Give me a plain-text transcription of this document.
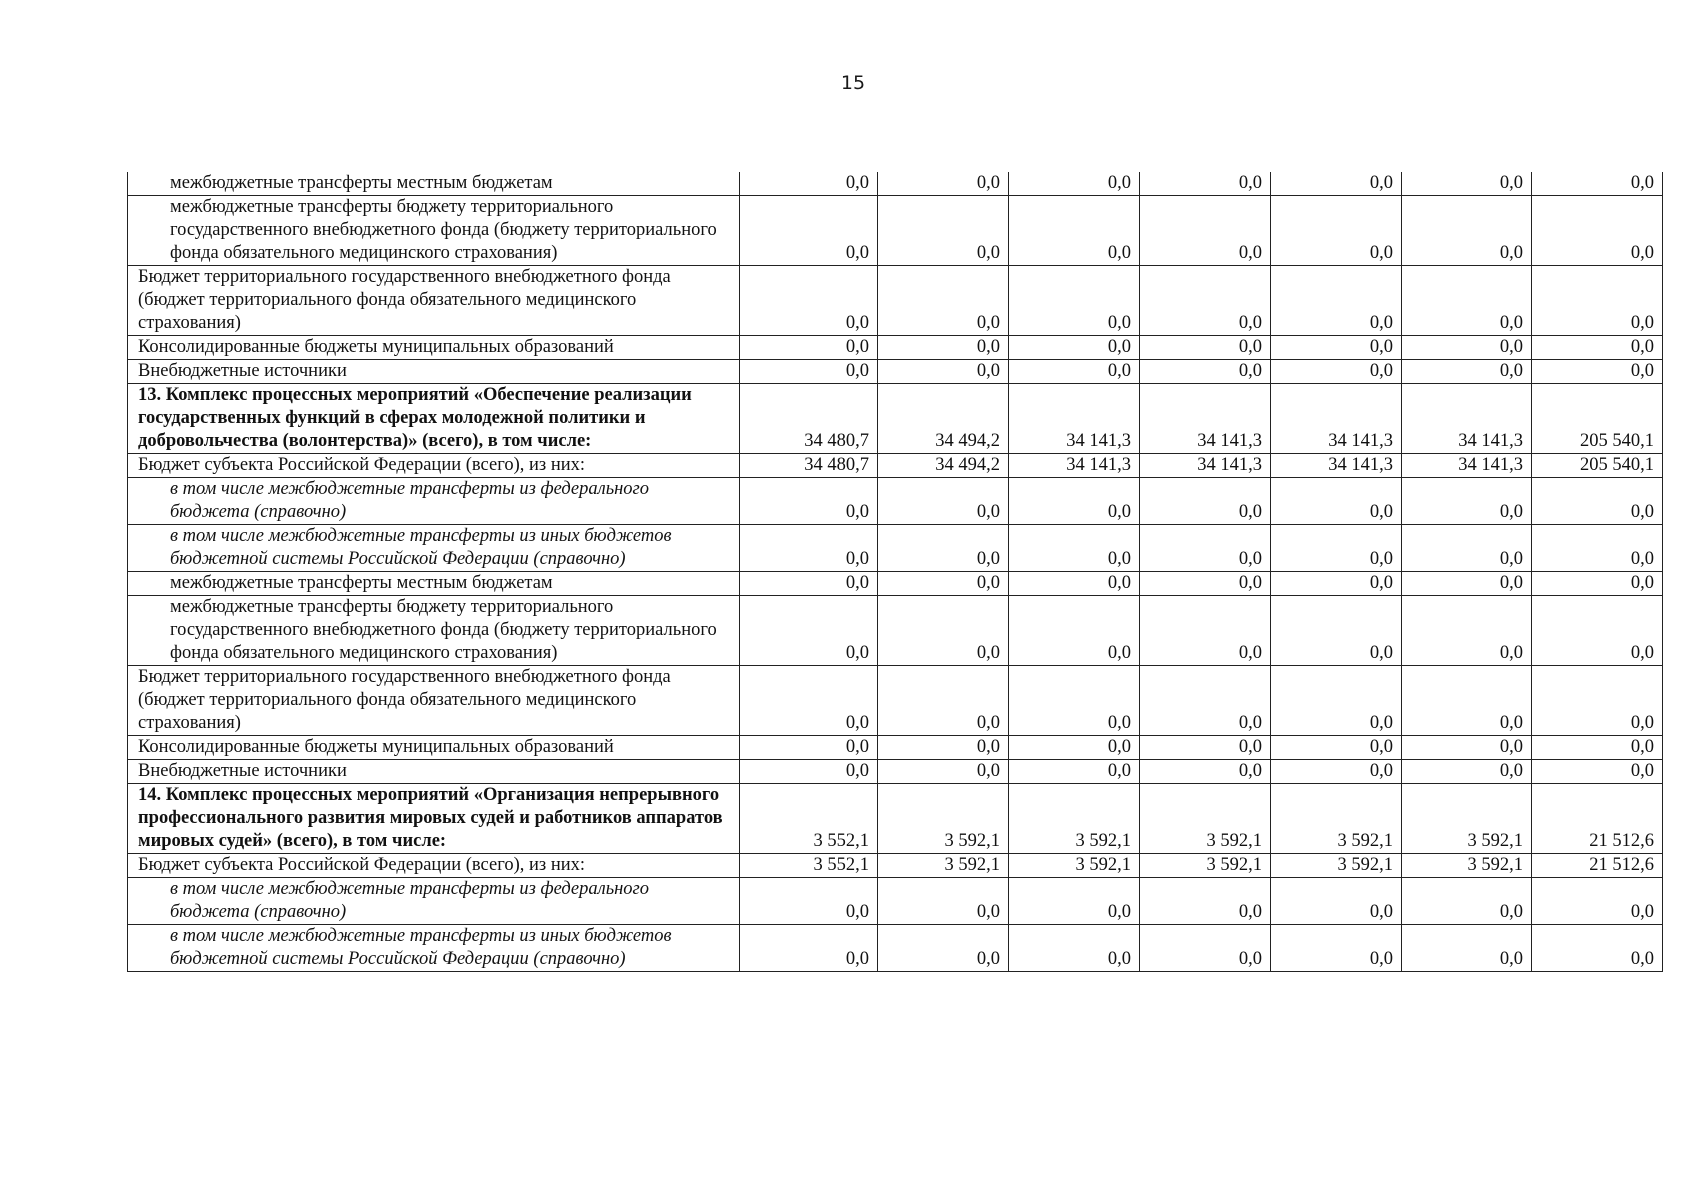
15
межбюджетные трансферты местным бюджетам	0,0	0,0	0,0	0,0	0,0	0,0	0,0
межбюджетные трансферты бюджету территориального государственного внебюджетного фонда (бюджету территориального фонда обязательного медицинского страхования)	0,0	0,0	0,0	0,0	0,0	0,0	0,0
Бюджет территориального государственного внебюджетного фонда (бюджет территориального фонда обязательного медицинского страхования)	0,0	0,0	0,0	0,0	0,0	0,0	0,0
Консолидированные бюджеты муниципальных образований	0,0	0,0	0,0	0,0	0,0	0,0	0,0
Внебюджетные источники	0,0	0,0	0,0	0,0	0,0	0,0	0,0
13. Комплекс процессных мероприятий «Обеспечение реализации государственных функций в сферах молодежной политики и добровольчества (волонтерства)» (всего), в том числе:	34 480,7	34 494,2	34 141,3	34 141,3	34 141,3	34 141,3	205 540,1
Бюджет субъекта Российской Федерации (всего), из них:	34 480,7	34 494,2	34 141,3	34 141,3	34 141,3	34 141,3	205 540,1
в том числе межбюджетные трансферты из федерального бюджета (справочно)	0,0	0,0	0,0	0,0	0,0	0,0	0,0
в том числе межбюджетные трансферты из иных бюджетов бюджетной системы Российской Федерации (справочно)	0,0	0,0	0,0	0,0	0,0	0,0	0,0
межбюджетные трансферты местным бюджетам	0,0	0,0	0,0	0,0	0,0	0,0	0,0
межбюджетные трансферты бюджету территориального государственного внебюджетного фонда (бюджету территориального фонда обязательного медицинского страхования)	0,0	0,0	0,0	0,0	0,0	0,0	0,0
Бюджет территориального государственного внебюджетного фонда (бюджет территориального фонда обязательного медицинского страхования)	0,0	0,0	0,0	0,0	0,0	0,0	0,0
Консолидированные бюджеты муниципальных образований	0,0	0,0	0,0	0,0	0,0	0,0	0,0
Внебюджетные источники	0,0	0,0	0,0	0,0	0,0	0,0	0,0
14. Комплекс процессных мероприятий «Организация непрерывного профессионального развития мировых судей и работников аппаратов мировых судей» (всего), в том числе:	3 552,1	3 592,1	3 592,1	3 592,1	3 592,1	3 592,1	21 512,6
Бюджет субъекта Российской Федерации (всего), из них:	3 552,1	3 592,1	3 592,1	3 592,1	3 592,1	3 592,1	21 512,6
в том числе межбюджетные трансферты из федерального бюджета (справочно)	0,0	0,0	0,0	0,0	0,0	0,0	0,0
в том числе межбюджетные трансферты из иных бюджетов бюджетной системы Российской Федерации (справочно)	0,0	0,0	0,0	0,0	0,0	0,0	0,0
